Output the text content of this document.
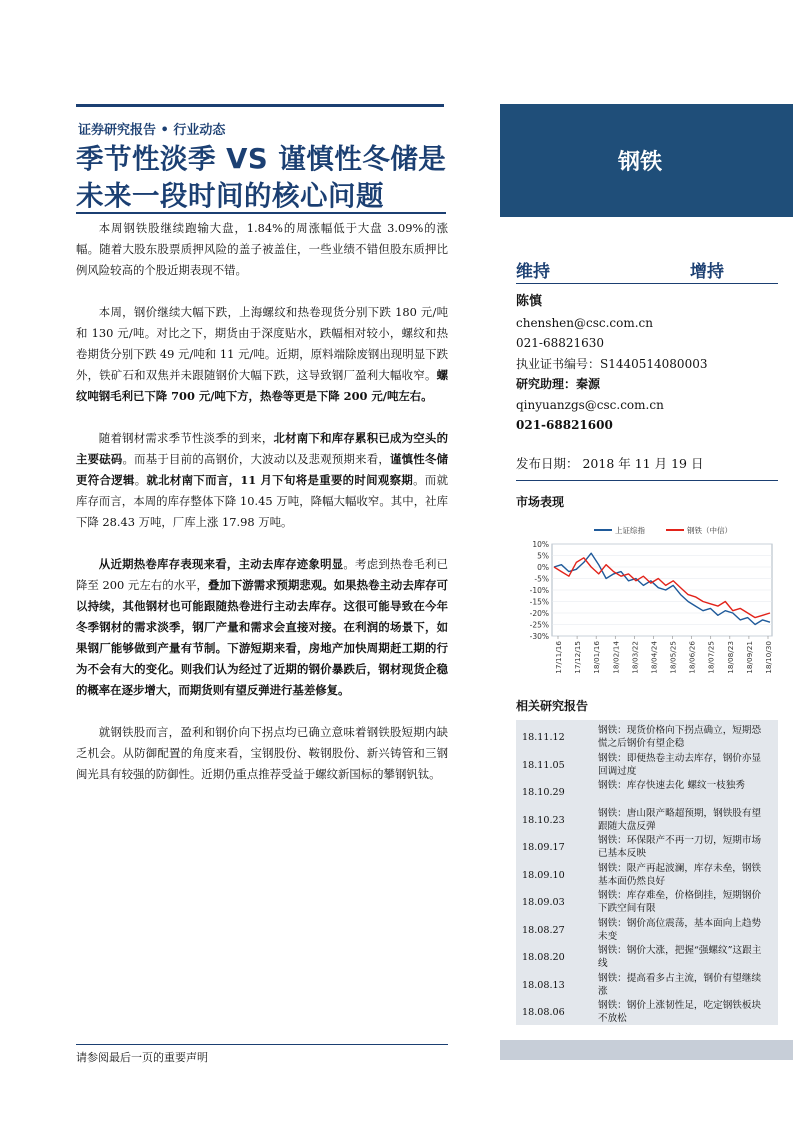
证券研究报告 • 行业动态
季节性淡季 VS 谨慎性冬储是
未来一段时间的核心问题

本周钢铁股继续跑输大盘，1.84%的周涨幅低于大盘 3.09%的涨幅。随着大股东股票质押风险的盖子被盖住，一些业绩不错但股东质押比例风险较高的个股近期表现不错。

本周，钢价继续大幅下跌，上海螺纹和热卷现货分别下跌 180 元/吨和 130 元/吨。对比之下，期货由于深度贴水，跌幅相对较小，螺纹和热卷期货分别下跌 49 元/吨和 11 元/吨。近期，原料端除废钢出现明显下跌外，铁矿石和双焦并未跟随钢价大幅下跌，这导致钢厂盈利大幅收窄。螺纹吨钢毛利已下降 700 元/吨下方，热卷等更是下降 200 元/吨左右。

随着钢材需求季节性淡季的到来，北材南下和库存累积已成为空头的主要砝码。而基于目前的高钢价，大波动以及悲观预期来看，谨慎性冬储更符合逻辑。就北材南下而言，11 月下旬将是重要的时间观察期。而就库存而言，本周的库存整体下降 10.45 万吨，降幅大幅收窄。其中，社库下降 28.43 万吨，厂库上涨 17.98 万吨。

从近期热卷库存表现来看，主动去库存迹象明显。考虑到热卷毛利已降至 200 元左右的水平，叠加下游需求预期悲观。如果热卷主动去库存可以持续，其他钢材也可能跟随热卷进行主动去库存。这很可能导致在今年冬季钢材的需求淡季，钢厂产量和需求会直接对接。在利润的场景下，如果钢厂能够做到产量有节制。下游短期来看，房地产加快周期赶工期的行为不会有大的变化。则我们认为经过了近期的钢价暴跌后，钢材现货企稳的概率在逐步增大，而期货则有望反弹进行基差修复。

就钢铁股而言，盈利和钢价向下拐点均已确立意味着钢铁股短期内缺乏机会。从防御配置的角度来看，宝钢股份、鞍钢股份、新兴铸管和三钢闽光具有较强的防御性。近期仍重点推荐受益于螺纹新国标的攀钢钒钛。

请参阅最后一页的重要声明
钢铁
维持	增持
陈慎
chenshen@csc.com.cn
021-68821630
执业证书编号：S1440514080003
研究助理：秦源
qinyuanzgs@csc.com.cn
021-68821600
发布日期： 2018 年 11 月 19 日
市场表现
上证综指	钢铁（中信）
10%
5%
0%
-5%
-10%
-15%
-20%
-25%
-30%
17/11/16 17/12/15 18/01/16 18/02/14 18/03/22 18/04/24 18/05/25 18/06/26 18/07/25 18/08/23 18/09/21 18/10/30
相关研究报告
18.11.12
钢铁：现货价格向下拐点确立，短期恐慌之后钢价有望企稳
18.11.05
钢铁：即便热卷主动去库存，钢价亦显回调过度
18.10.29
钢铁：库存快速去化 螺纹一枝独秀
18.10.23
钢铁：唐山限产略超预期，钢铁股有望跟随大盘反弹
18.09.17
钢铁：环保限产不再一刀切，短期市场已基本反映
18.09.10
钢铁：限产再起波澜，库存未垒，钢铁基本面仍然良好
18.09.03
钢铁：库存难垒，价格倒挂，短期钢价下跌空间有限
18.08.27
钢铁：钢价高位震荡，基本面向上趋势未变
18.08.20
钢铁：钢价大涨，把握“强螺纹”这跟主线
18.08.13
钢铁：提高看多占主流，钢价有望继续涨
18.08.06
钢铁：钢价上涨韧性足，吃定钢铁板块不放松
